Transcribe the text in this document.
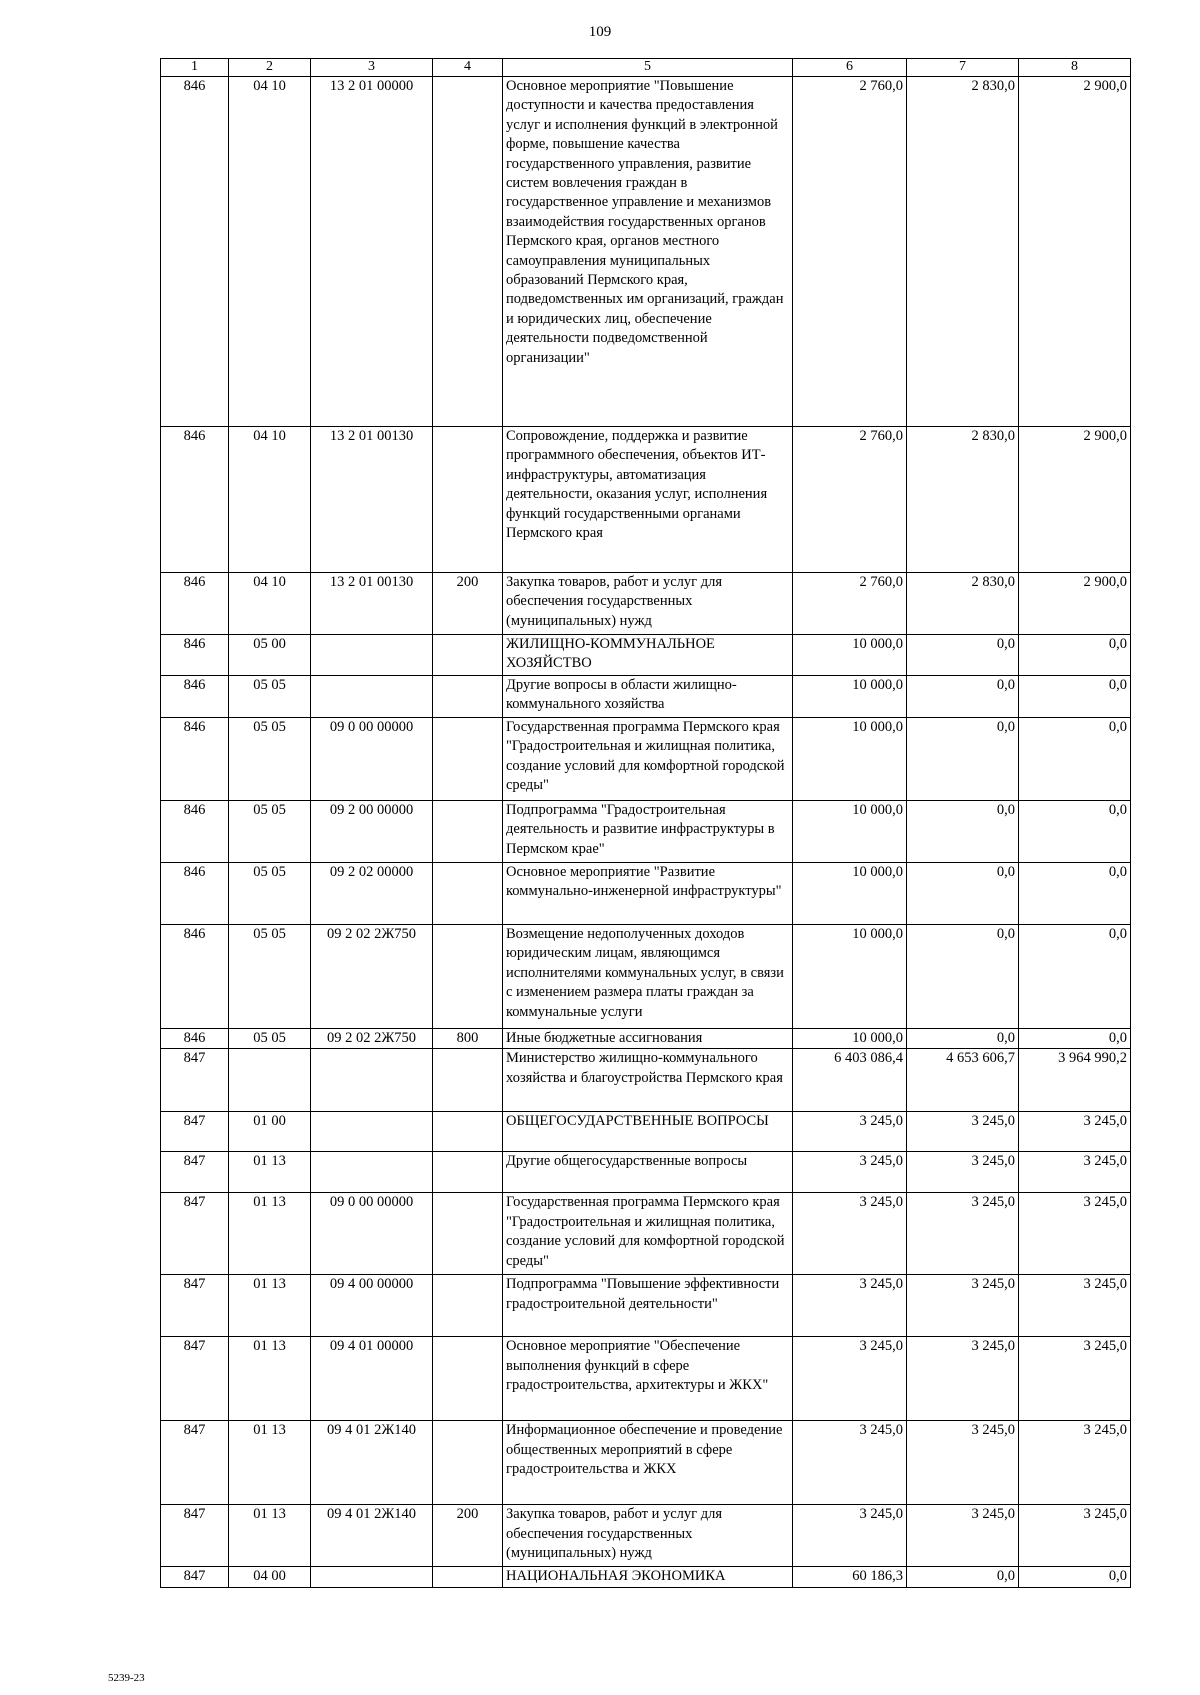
109
1	2	3	4	5	6	7	8
846	04 10	13 2 01 00000		Основное мероприятие "Повышение доступности и качества предоставления услуг и исполнения функций в электронной форме, повышение качества государственного управления, развитие систем вовлечения граждан в государственное управление и механизмов взаимодействия государственных органов Пермского края, органов местного самоуправления муниципальных образований Пермского края, подведомственных им организаций, граждан и юридических лиц, обеспечение деятельности подведомственной организации"	2 760,0	2 830,0	2 900,0
846	04 10	13 2 01 00130		Сопровождение, поддержка и развитие программного обеспечения, объектов ИТ-инфраструктуры, автоматизация деятельности, оказания услуг, исполнения функций государственными органами Пермского края	2 760,0	2 830,0	2 900,0
846	04 10	13 2 01 00130	200	Закупка товаров, работ и услуг для обеспечения государственных (муниципальных) нужд	2 760,0	2 830,0	2 900,0
846	05 00			ЖИЛИЩНО-КОММУНАЛЬНОЕ ХОЗЯЙСТВО	10 000,0	0,0	0,0
846	05 05			Другие вопросы в области жилищно-коммунального хозяйства	10 000,0	0,0	0,0
846	05 05	09 0 00 00000		Государственная программа Пермского края "Градостроительная и жилищная политика, создание условий для комфортной городской среды"	10 000,0	0,0	0,0
846	05 05	09 2 00 00000		Подпрограмма "Градостроительная деятельность и развитие инфраструктуры в Пермском крае"	10 000,0	0,0	0,0
846	05 05	09 2 02 00000		Основное мероприятие "Развитие коммунально-инженерной инфраструктуры"	10 000,0	0,0	0,0
846	05 05	09 2 02 2Ж750		Возмещение недополученных доходов юридическим лицам, являющимся исполнителями коммунальных услуг, в связи с изменением размера платы граждан за коммунальные услуги	10 000,0	0,0	0,0
846	05 05	09 2 02 2Ж750	800	Иные бюджетные ассигнования	10 000,0	0,0	0,0
847				Министерство жилищно-коммунального хозяйства и благоустройства Пермского края	6 403 086,4	4 653 606,7	3 964 990,2
847	01 00			ОБЩЕГОСУДАРСТВЕННЫЕ ВОПРОСЫ	3 245,0	3 245,0	3 245,0
847	01 13			Другие общегосударственные вопросы	3 245,0	3 245,0	3 245,0
847	01 13	09 0 00 00000		Государственная программа Пермского края "Градостроительная и жилищная политика, создание условий для комфортной городской среды"	3 245,0	3 245,0	3 245,0
847	01 13	09 4 00 00000		Подпрограмма "Повышение эффективности градостроительной деятельности"	3 245,0	3 245,0	3 245,0
847	01 13	09 4 01 00000		Основное мероприятие "Обеспечение выполнения функций в сфере градостроительства, архитектуры и ЖКХ"	3 245,0	3 245,0	3 245,0
847	01 13	09 4 01 2Ж140		Информационное обеспечение и проведение общественных мероприятий в сфере градостроительства и ЖКХ	3 245,0	3 245,0	3 245,0
847	01 13	09 4 01 2Ж140	200	Закупка товаров, работ и услуг для обеспечения государственных (муниципальных) нужд	3 245,0	3 245,0	3 245,0
847	04 00			НАЦИОНАЛЬНАЯ ЭКОНОМИКА	60 186,3	0,0	0,0
5239-23
